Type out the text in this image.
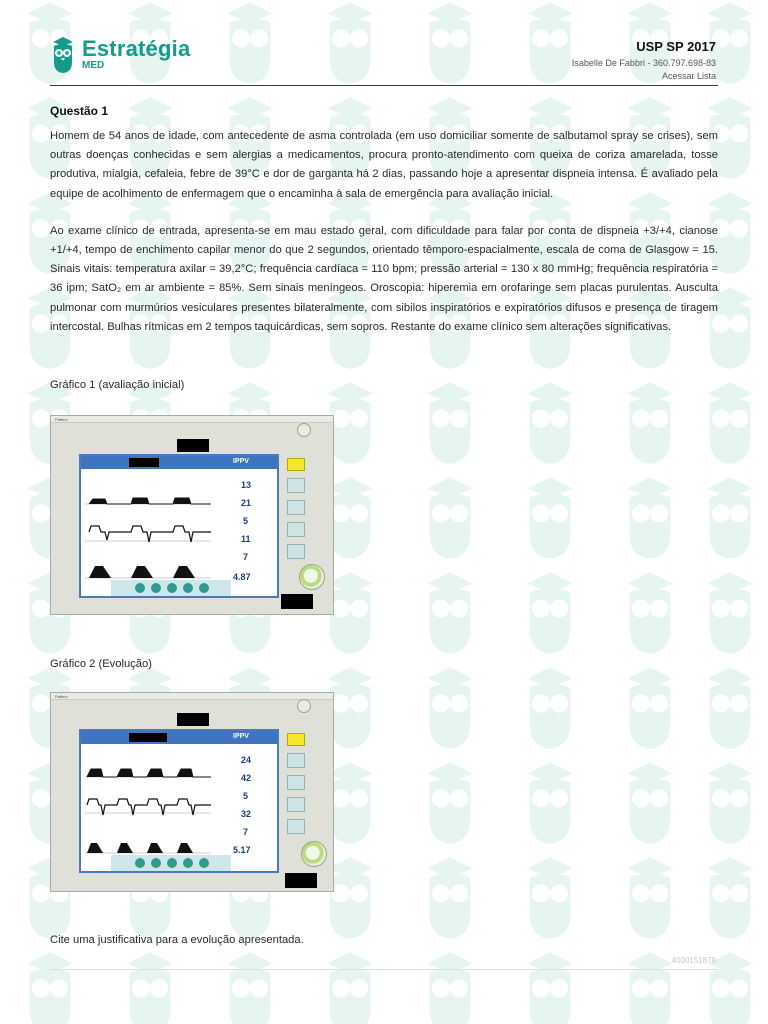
Estratégia
MED
USP SP 2017
Isabelle De Fabbri - 360.797.698-83
Acessar Lista
Questão 1
Homem de 54 anos de idade, com antecedente de asma controlada (em uso domiciliar somente de salbutamol spray se crises), sem outras doenças conhecidas e sem alergias a medicamentos, procura pronto-atendimento com queixa de coriza amarelada, tosse produtiva, mialgia, cefaleia, febre de 39°C e dor de garganta há 2 dias, passando hoje a apresentar dispneia intensa. É avaliado pela equipe de acolhimento de enfermagem que o encaminha à sala de emergência para avaliação inicial.
Ao exame clínico de entrada, apresenta-se em mau estado geral, com dificuldade para falar por conta de dispneia +3/+4, cianose +1/+4, tempo de enchimento capilar menor do que 2 segundos, orientado têmporo-espacialmente, escala de coma de Glasgow = 15. Sinais vitais: temperatura axilar = 39,2°C; frequência cardíaca = 110 bpm; pressão arterial = 130 x 80 mmHg; frequência respiratória = 36 ipm; SatO₂ em ar ambiente = 85%. Sem sinais meníngeos. Oroscopia: hiperemia em orofaringe sem placas purulentas. Ausculta pulmonar com murmúrios vesiculares presentes bilateralmente, com sibilos inspiratórios e expiratórios difusos e presença de tiragem intercostal. Bulhas rítmicas em 2 tempos taquicárdicas, sem sopros. Restante do exame clínico sem alterações significativas.
Gráfico 1 (avaliação inicial)
Gráfico 2 (Evolução)
Cite uma justificativa para a evolução apresentada.
Pattern
IPPV
13
21
5
11
7
4.87
Pattern
IPPV
24
42
5
32
7
5.17
4000151879
